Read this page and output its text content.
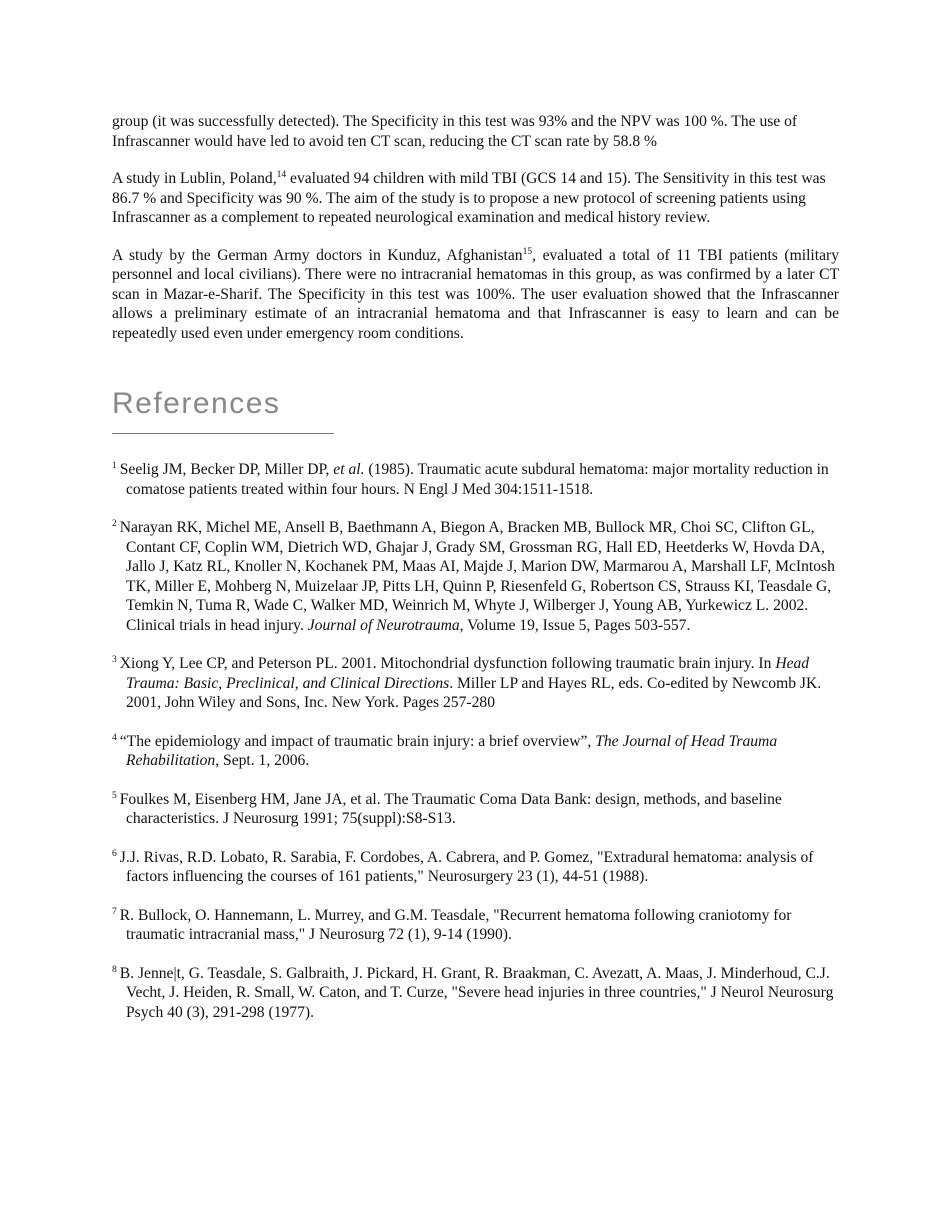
group (it was successfully detected). The Specificity in this test was 93% and the NPV was 100 %. The use of Infrascanner would have led to avoid ten CT scan, reducing the CT scan rate by 58.8 %

A study in Lublin, Poland,$^{14}$ evaluated 94 children with mild TBI (GCS 14 and 15). The Sensitivity in this test was 86.7 % and Specificity was 90 %. The aim of the study is to propose a new protocol of screening patients using Infrascanner as a complement to repeated neurological examination and medical history review.

A study by the German Army doctors in Kunduz, Afghanistan$^{15}$, evaluated a total of 11 TBI patients (military personnel and local civilians). There were no intracranial hematomas in this group, as was confirmed by a later CT scan in Mazar-e-Sharif. The Specificity in this test was 100%. The user evaluation showed that the Infrascanner allows a preliminary estimate of an intracranial hematoma and that Infrascanner is easy to learn and can be repeatedly used even under emergency room conditions.

References
$^1$ Seelig JM, Becker DP, Miller DP, et al. (1985). Traumatic acute subdural hematoma: major mortality reduction in comatose patients treated within four hours. N Engl J Med 304:1511-1518.
$^2$ Narayan RK, Michel ME, Ansell B, Baethmann A, Biegon A, Bracken MB, Bullock MR, Choi SC, Clifton GL, Contant CF, Coplin WM, Dietrich WD, Ghajar J, Grady SM, Grossman RG, Hall ED, Heetderks W, Hovda DA, Jallo J, Katz RL, Knoller N, Kochanek PM, Maas AI, Majde J, Marion DW, Marmarou A, Marshall LF, McIntosh TK, Miller E, Mohberg N, Muizelaar JP, Pitts LH, Quinn P, Riesenfeld G, Robertson CS, Strauss KI, Teasdale G, Temkin N, Tuma R, Wade C, Walker MD, Weinrich M, Whyte J, Wilberger J, Young AB, Yurkewicz L. 2002. Clinical trials in head injury. Journal of Neurotrauma, Volume 19, Issue 5, Pages 503-557.
$^3$ Xiong Y, Lee CP, and Peterson PL. 2001. Mitochondrial dysfunction following traumatic brain injury. In Head Trauma: Basic, Preclinical, and Clinical Directions. Miller LP and Hayes RL, eds. Co-edited by Newcomb JK. 2001, John Wiley and Sons, Inc. New York. Pages 257-280
$^4$ “The epidemiology and impact of traumatic brain injury: a brief overview”, The Journal of Head Trauma Rehabilitation, Sept. 1, 2006.
$^5$ Foulkes M, Eisenberg HM, Jane JA, et al. The Traumatic Coma Data Bank: design, methods, and baseline characteristics. J Neurosurg 1991; 75(suppl):S8-S13.
$^6$ J.J. Rivas, R.D. Lobato, R. Sarabia, F. Cordobes, A. Cabrera, and P. Gomez, "Extradural hematoma: analysis of factors influencing the courses of 161 patients," Neurosurgery 23 (1), 44-51 (1988).
$^7$ R. Bullock, O. Hannemann, L. Murrey, and G.M. Teasdale, "Recurrent hematoma following craniotomy for traumatic intracranial mass," J Neurosurg 72 (1), 9-14 (1990).
$^8$ B. Jenne|t, G. Teasdale, S. Galbraith, J. Pickard, H. Grant, R. Braakman, C. Avezatt, A. Maas, J. Minderhoud, C.J. Vecht, J. Heiden, R. Small, W. Caton, and T. Curze, "Severe head injuries in three countries," J Neurol Neurosurg Psych 40 (3), 291-298 (1977).
